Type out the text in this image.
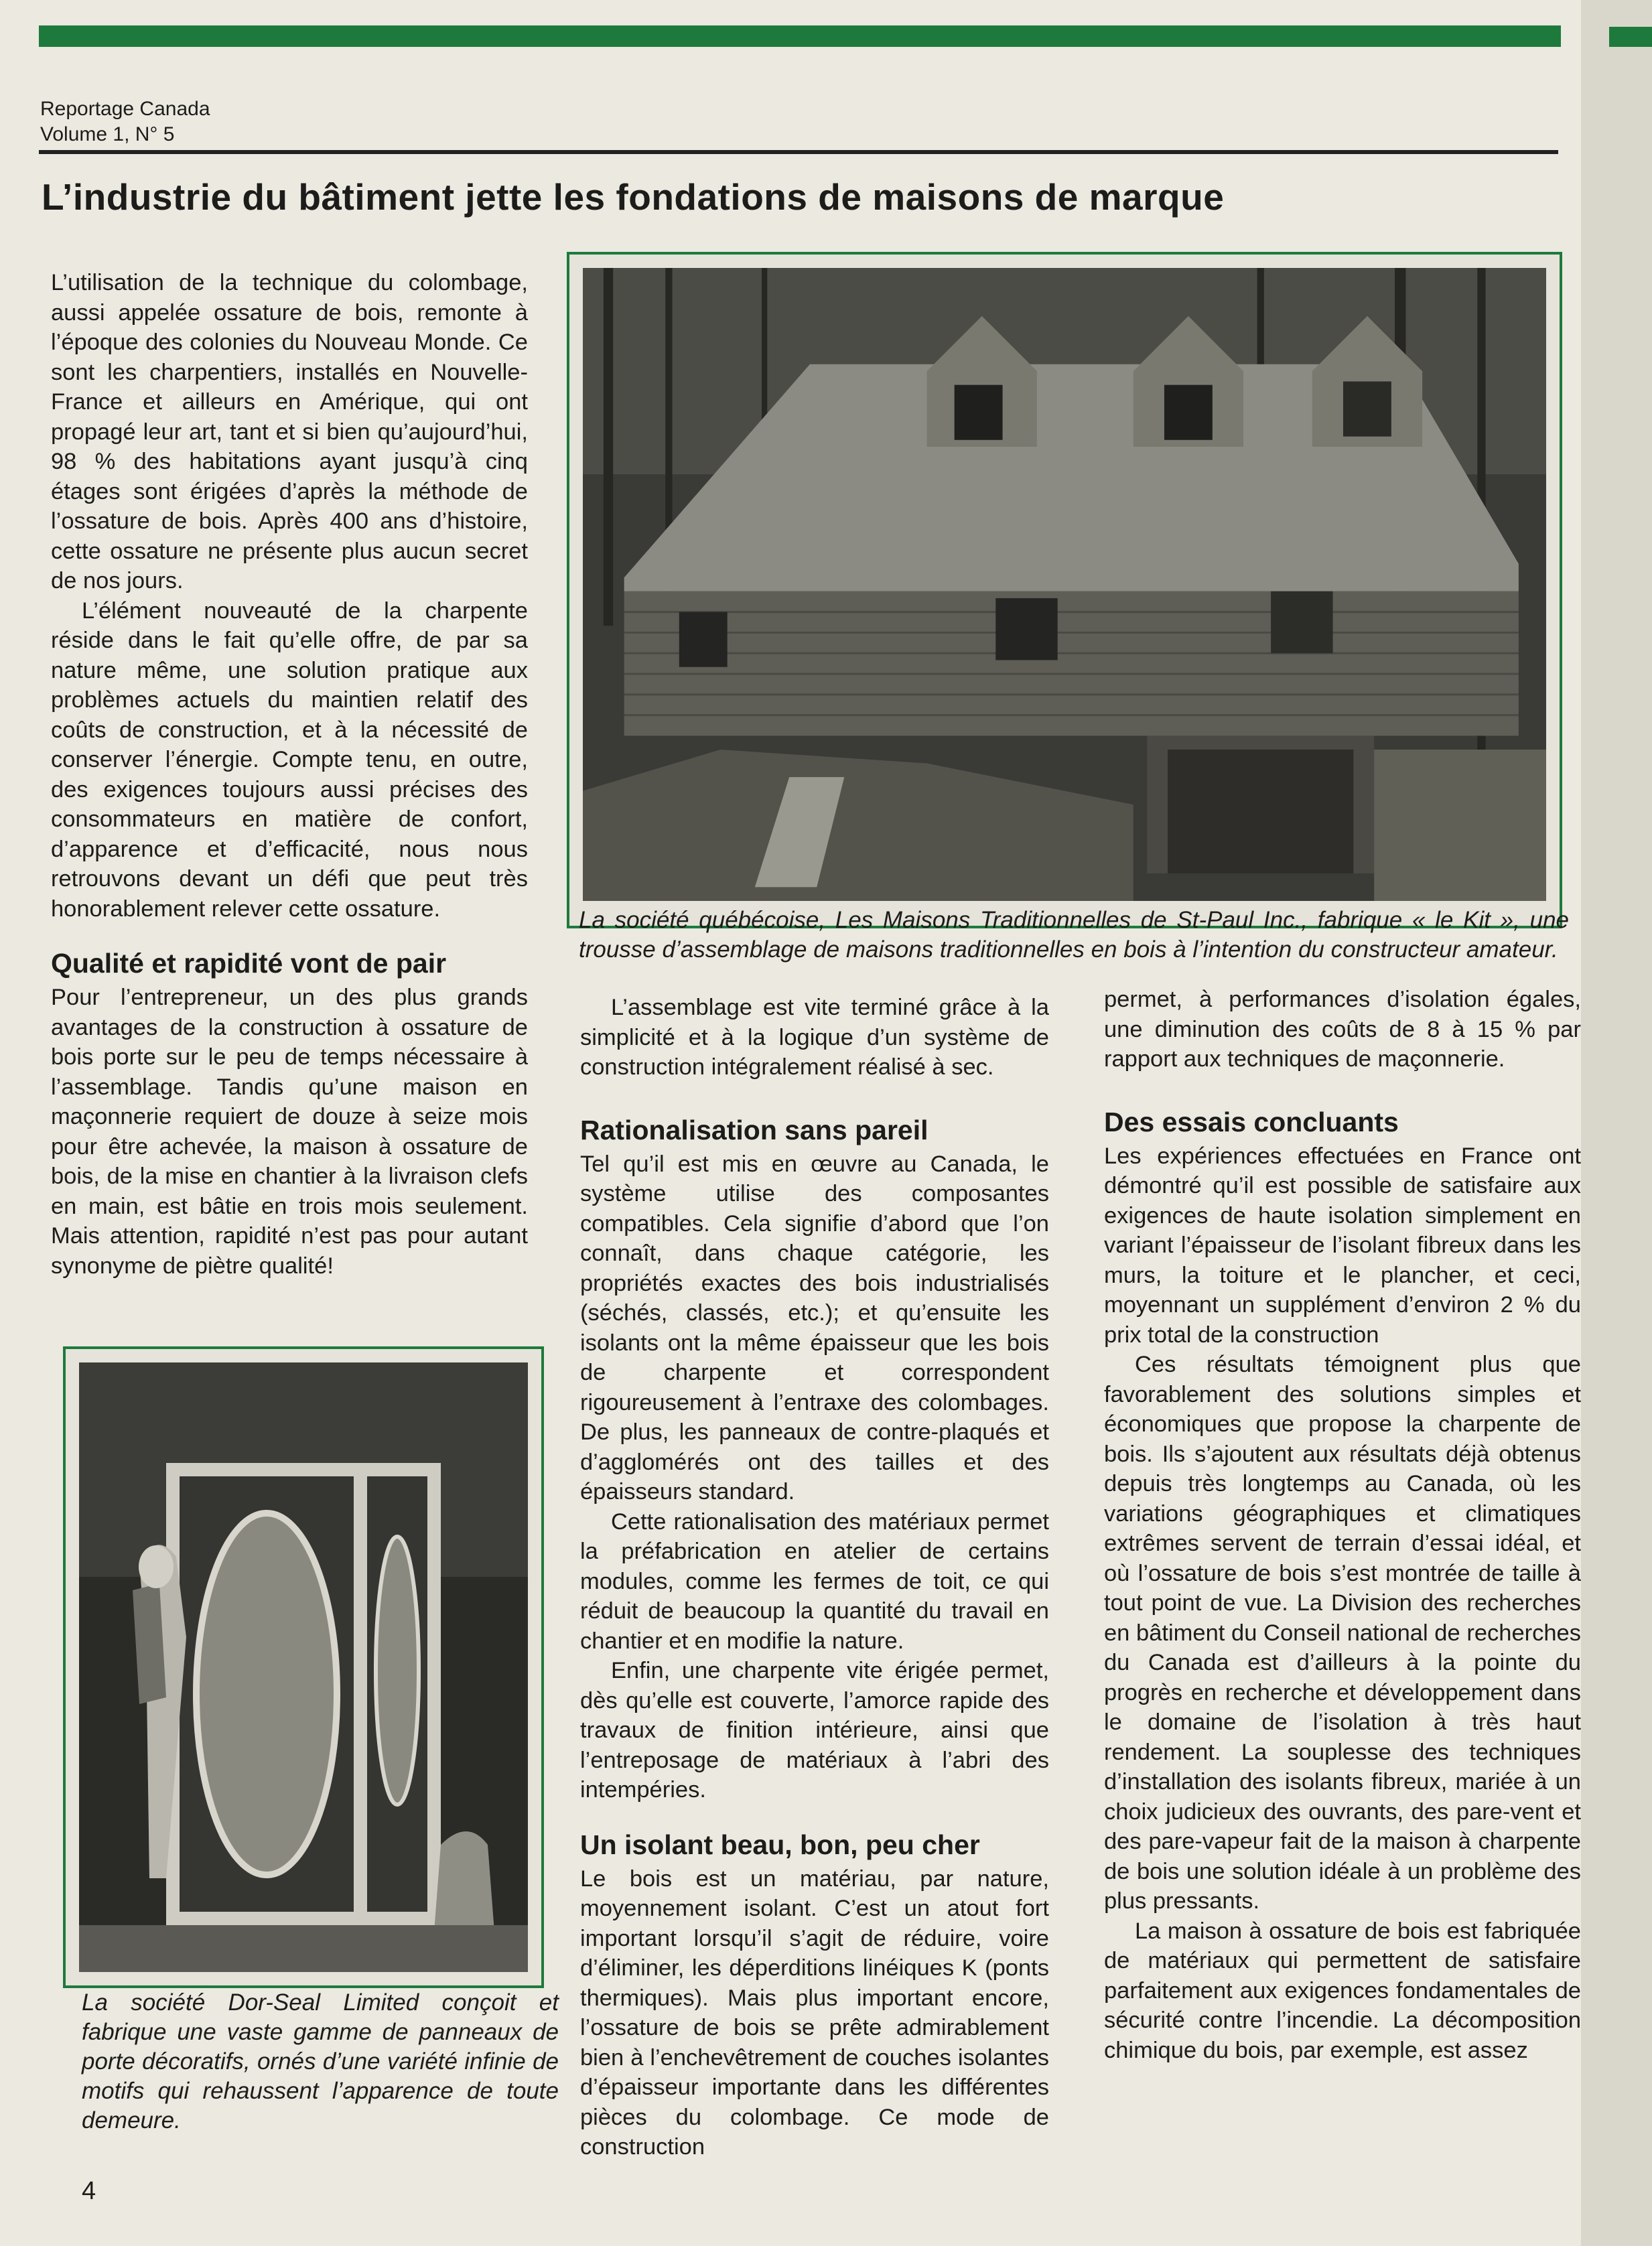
Reportage Canada
Volume 1, N° 5
L’industrie du bâtiment jette les fondations de maisons de marque

L’utilisation de la technique du colombage, aussi appelée ossature de bois, remonte à l’époque des colonies du Nouveau Monde. Ce sont les charpentiers, installés en Nouvelle-France et ailleurs en Amérique, qui ont propagé leur art, tant et si bien qu’aujourd’hui, 98 % des habitations ayant jusqu’à cinq étages sont érigées d’après la méthode de l’ossature de bois. Après 400 ans d’histoire, cette ossature ne présente plus aucun secret de nos jours.

L’élément nouveauté de la charpente réside dans le fait qu’elle offre, de par sa nature même, une solution pratique aux problèmes actuels du maintien relatif des coûts de construction, et à la nécessité de conserver l’énergie. Compte tenu, en outre, des exigences toujours aussi précises des consommateurs en matière de confort, d’apparence et d’efficacité, nous nous retrouvons devant un défi que peut très honorablement relever cette ossature.

Qualité et rapidité vont de pair

Pour l’entrepreneur, un des plus grands avantages de la construction à ossature de bois porte sur le peu de temps nécessaire à l’assemblage. Tandis qu’une maison en maçonnerie requiert de douze à seize mois pour être achevée, la maison à ossature de bois, de la mise en chantier à la livraison clefs en main, est bâtie en trois mois seulement. Mais attention, rapidité n’est pas pour autant synonyme de piètre qualité!

La société québécoise, Les Maisons Traditionnelles de St-Paul Inc., fabrique « le Kit », une trousse d’assemblage de maisons traditionnelles en bois à l’intention du constructeur amateur.
La société Dor-Seal Limited conçoit et fabrique une vaste gamme de panneaux de porte décoratifs, ornés d’une variété infinie de motifs qui rehaussent l’apparence de toute demeure.

L’assemblage est vite terminé grâce à la simplicité et à la logique d’un système de construction intégralement réalisé à sec.

Rationalisation sans pareil

Tel qu’il est mis en œuvre au Canada, le système utilise des composantes compatibles. Cela signifie d’abord que l’on connaît, dans chaque catégorie, les propriétés exactes des bois industrialisés (séchés, classés, etc.); et qu’ensuite les isolants ont la même épaisseur que les bois de charpente et correspondent rigoureusement à l’entraxe des colombages. De plus, les panneaux de contre-plaqués et d’agglomérés ont des tailles et des épaisseurs standard.

Cette rationalisation des matériaux permet la préfabrication en atelier de certains modules, comme les fermes de toit, ce qui réduit de beaucoup la quantité du travail en chantier et en modifie la nature.

Enfin, une charpente vite érigée permet, dès qu’elle est couverte, l’amorce rapide des travaux de finition intérieure, ainsi que l’entreposage de matériaux à l’abri des intempéries.

Un isolant beau, bon, peu cher

Le bois est un matériau, par nature, moyennement isolant. C’est un atout fort important lorsqu’il s’agit de réduire, voire d’éliminer, les déperditions linéiques K (ponts thermiques). Mais plus important encore, l’ossature de bois se prête admirablement bien à l’enchevêtrement de couches isolantes d’épaisseur importante dans les différentes pièces du colombage. Ce mode de construction

permet, à performances d’isolation égales, une diminution des coûts de 8 à 15 % par rapport aux techniques de maçonnerie.

Des essais concluants

Les expériences effectuées en France ont démontré qu’il est possible de satisfaire aux exigences de haute isolation simplement en variant l’épaisseur de l’isolant fibreux dans les murs, la toiture et le plancher, et ceci, moyennant un supplément d’environ 2 % du prix total de la construction

Ces résultats témoignent plus que favorablement des solutions simples et économiques que propose la charpente de bois. Ils s’ajoutent aux résultats déjà obtenus depuis très longtemps au Canada, où les variations géographiques et climatiques extrêmes servent de terrain d’essai idéal, et où l’ossature de bois s’est montrée de taille à tout point de vue. La Division des recherches en bâtiment du Conseil national de recherches du Canada est d’ailleurs à la pointe du progrès en recherche et développement dans le domaine de l’isolation à très haut rendement. La souplesse des techniques d’installation des isolants fibreux, mariée à un choix judicieux des ouvrants, des pare-vent et des pare-vapeur fait de la maison à charpente de bois une solution idéale à un problème des plus pressants.

La maison à ossature de bois est fabriquée de matériaux qui permettent de satisfaire parfaitement aux exigences fondamentales de sécurité contre l’incendie. La décomposition chimique du bois, par exemple, est assez

4
